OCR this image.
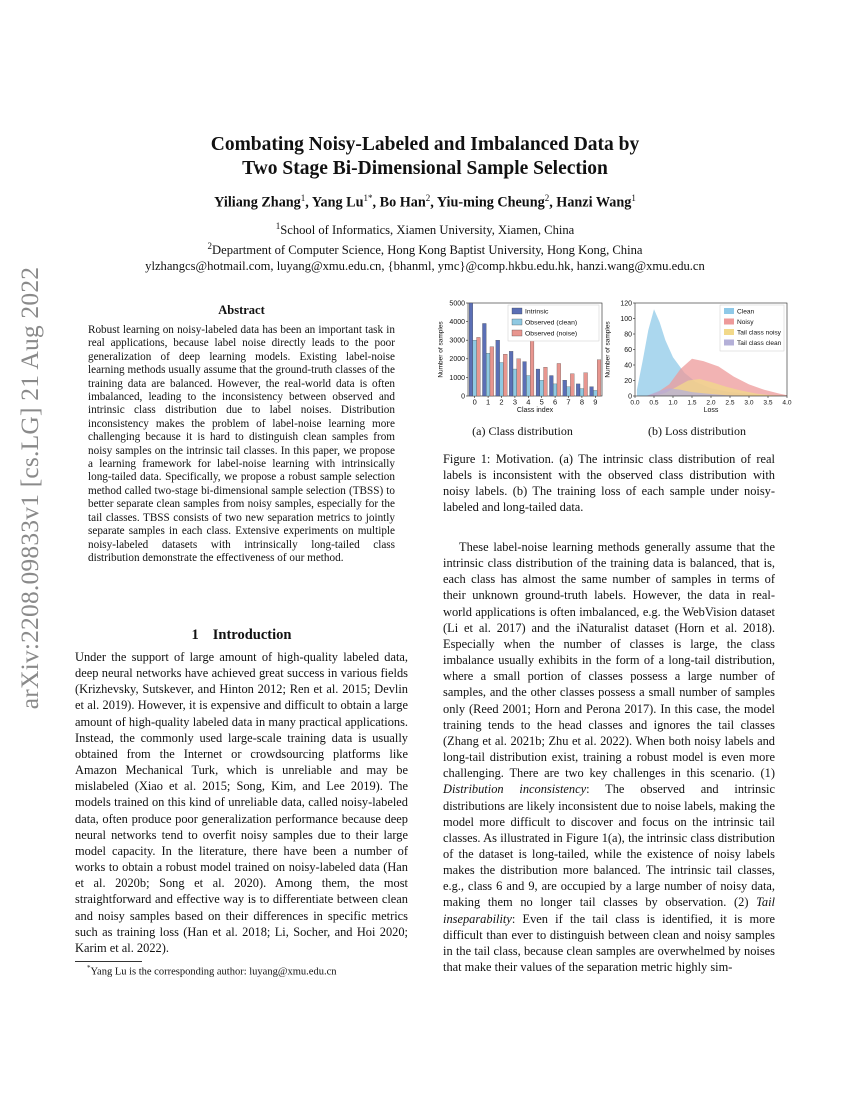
arXiv:2208.09833v1 [cs.LG] 21 Aug 2022
Combating Noisy-Labeled and Imbalanced Data by
Two Stage Bi-Dimensional Sample Selection
Yiliang Zhang$^1$, Yang $Lu^{1*}$, Bo Han$^2$, Yiu-ming Cheung$^2$, Hanzi Wang$^1$
$^1$School of Informatics, Xiamen University, Xiamen, China
$^2$Department of Computer Science, Hong Kong Baptist University, Hong Kong, China
ylzhangcs@hotmail.com, luyang@xmu.edu.cn, {bhanml, ymc}@comp.hkbu.edu.hk, hanzi.wang@xmu.edu.cn
Abstract

Robust learning on noisy-labeled data has been an important task in real applications, because label noise directly leads to the poor generalization of deep learning models. Existing label-noise learning methods usually assume that the ground-truth classes of the training data are balanced. However, the real-world data is often imbalanced, leading to the inconsistency between observed and intrinsic class distribution due to label noises. Distribution inconsistency makes the problem of label-noise learning more challenging because it is hard to distinguish clean samples from noisy samples on the intrinsic tail classes. In this paper, we propose a learning framework for label-noise learning with intrinsically long-tailed data. Specifically, we propose a robust sample selection method called two-stage bi-dimensional sample selection (TBSS) to better separate clean samples from noisy samples, especially for the tail classes. TBSS consists of two new separation metrics to jointly separate samples in each class. Extensive experiments on multiple noisy-labeled datasets with intrinsically long-tailed class distribution demonstrate the effectiveness of our method.

1 Introduction

Under the support of large amount of high-quality labeled data, deep neural networks have achieved great success in various fields (Krizhevsky, Sutskever, and Hinton 2012; Ren et al. 2015; Devlin et al. 2019). However, it is expensive and difficult to obtain a large amount of high-quality labeled data in many practical applications. Instead, the commonly used large-scale training data is usually obtained from the Internet or crowdsourcing platforms like Amazon Mechanical Turk, which is unreliable and may be mislabeled (Xiao et al. 2015; Song, Kim, and Lee 2019). The models trained on this kind of unreliable data, called noisy-labeled data, often produce poor generalization performance because deep neural networks tend to overfit noisy samples due to their large model capacity. In the literature, there have been a number of works to obtain a robust model trained on noisy-labeled data (Han et al. 2020b; Song et al. 2020). Among them, the most straightforward and effective way is to differentiate between clean and noisy samples based on their differences in specific metrics such as training loss (Han et al. 2018; Li, Socher, and Hoi 2020; Karim et al. 2022).

*Yang Lu is the corresponding author: luyang@xmu.edu.cn
0 1 2 3 4 5 6 7 8 9
0
1000
2000
3000
4000
5000
Class index
Number of samples
Intrinsic
Observed (clean)
Observed (noise)
0.0 0.5 1.0 1.5 2.0 2.5 3.0 3.5 4.0
0
20
40
60
80
100
120
Loss
Number of samples
Clean
Noisy
Tail class noisy
Tail class clean
(a) Class distribution	(b) Loss distribution

Figure 1: Motivation. (a) The intrinsic class distribution of real labels is inconsistent with the observed class distribution with noisy labels. (b) The training loss of each sample under noisy-labeled and long-tailed data.

These label-noise learning methods generally assume that the intrinsic class distribution of the training data is balanced, that is, each class has almost the same number of samples in terms of their unknown ground-truth labels. However, the data in real-world applications is often imbalanced, e.g. the WebVision dataset (Li et al. 2017) and the iNaturalist dataset (Horn et al. 2018). Especially when the number of classes is large, the class imbalance usually exhibits in the form of a long-tail distribution, where a small portion of classes possess a large number of samples, and the other classes possess a small number of samples only (Reed 2001; Horn and Perona 2017). In this case, the model training tends to the head classes and ignores the tail classes (Zhang et al. 2021b; Zhu et al. 2022). When both noisy labels and long-tail distribution exist, training a robust model is even more challenging. There are two key challenges in this scenario. (1) Distribution inconsistency: The observed and intrinsic distributions are likely inconsistent due to noise labels, making the model more difficult to discover and focus on the intrinsic tail classes. As illustrated in Figure 1(a), the intrinsic class distribution of the dataset is long-tailed, while the existence of noisy labels makes the distribution more balanced. The intrinsic tail classes, e.g., class 6 and 9, are occupied by a large number of noisy data, making them no longer tail classes by observation. (2) Tail inseparability: Even if the tail class is identified, it is more difficult than ever to distinguish between clean and noisy samples in the tail class, because clean samples are overwhelmed by noises that make their values of the separation metric highly sim-
